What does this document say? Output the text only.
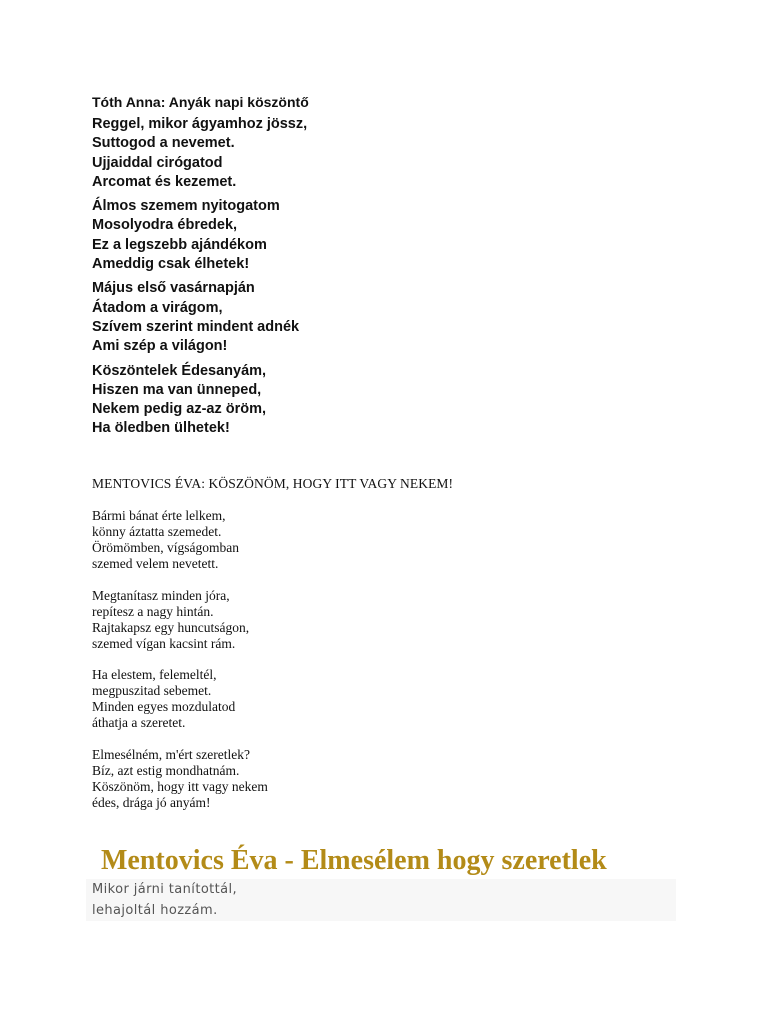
Tóth Anna: Anyák napi köszöntő
Reggel, mikor ágyamhoz jössz,
Suttogod a nevemet.
Ujjaiddal cirógatod
Arcomat és kezemet.
Álmos szemem nyitogatom
Mosolyodra ébredek,
Ez a legszebb ajándékom
Ameddig csak élhetek!
Május első vasárnapján
Átadom a virágom,
Szívem szerint mindent adnék
Ami szép a világon!
Köszöntelek Édesanyám,
Hiszen ma van ünneped,
Nekem pedig az-az öröm,
Ha öledben ülhetek!
MENTOVICS ÉVA: KÖSZÖNÖM, HOGY ITT VAGY NEKEM!
Bármi bánat érte lelkem,
könny áztatta szemedet.
Örömömben, vígságomban
szemed velem nevetett.
Megtanítasz minden jóra,
repítesz a nagy hintán.
Rajtakapsz egy huncutságon,
szemed vígan kacsint rám.
Ha elestem, felemeltél,
megpuszitad sebemet.
Minden egyes mozdulatod
áthatja a szeretet.
Elmesélném, m'ért szeretlek?
Bíz, azt estig mondhatnám.
Köszönöm, hogy itt vagy nekem
édes, drága jó anyám!
Mentovics Éva - Elmesélem hogy szeretlek
Mikor járni tanítottál,
lehajoltál hozzám.
